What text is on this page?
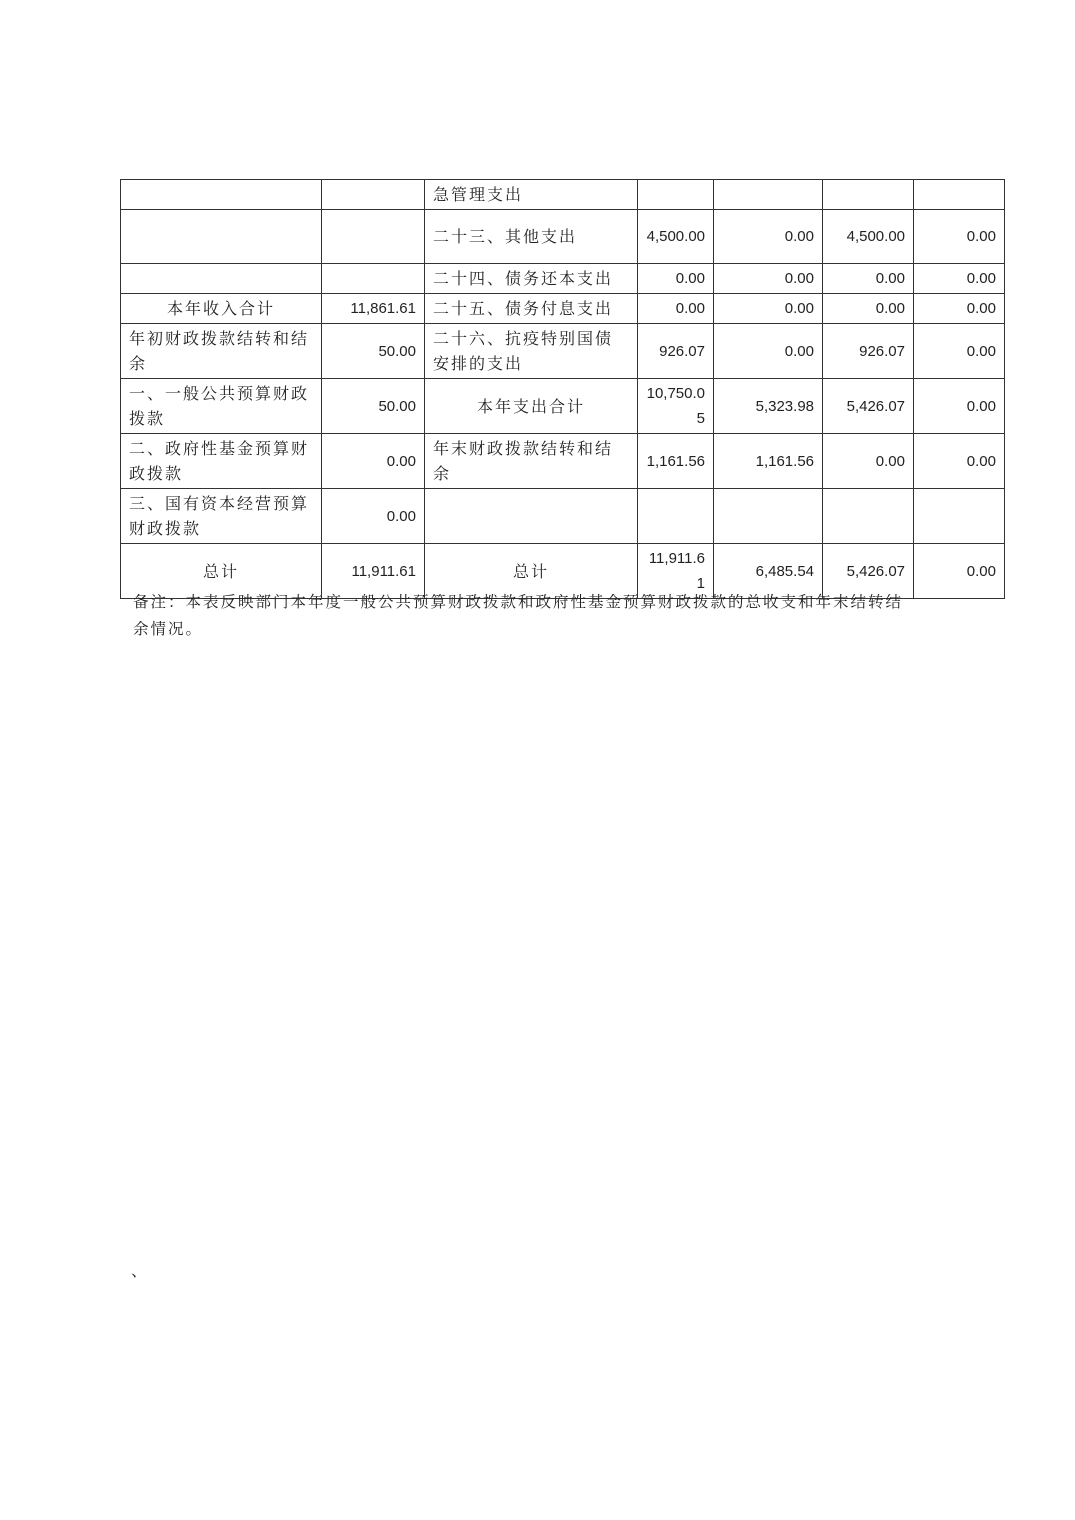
		急管理支出				
		二十三、其他支出	4,500.00	0.00	4,500.00	0.00
		二十四、债务还本支出	0.00	0.00	0.00	0.00
本年收入合计	11,861.61	二十五、债务付息支出	0.00	0.00	0.00	0.00
年初财政拨款结转和结余	50.00	二十六、抗疫特别国债安排的支出	926.07	0.00	926.07	0.00
一、一般公共预算财政拨款	50.00	本年支出合计	10,750.05	5,323.98	5,426.07	0.00
二、政府性基金预算财政拨款	0.00	年末财政拨款结转和结余	1,161.56	1,161.56	0.00	0.00
三、国有资本经营预算财政拨款	0.00					
总计	11,911.61	总计	11,911.61	6,485.54	5,426.07	0.00
备注：本表反映部门本年度一般公共预算财政拨款和政府性基金预算财政拨款的总收支和年末结转结余情况。
、
